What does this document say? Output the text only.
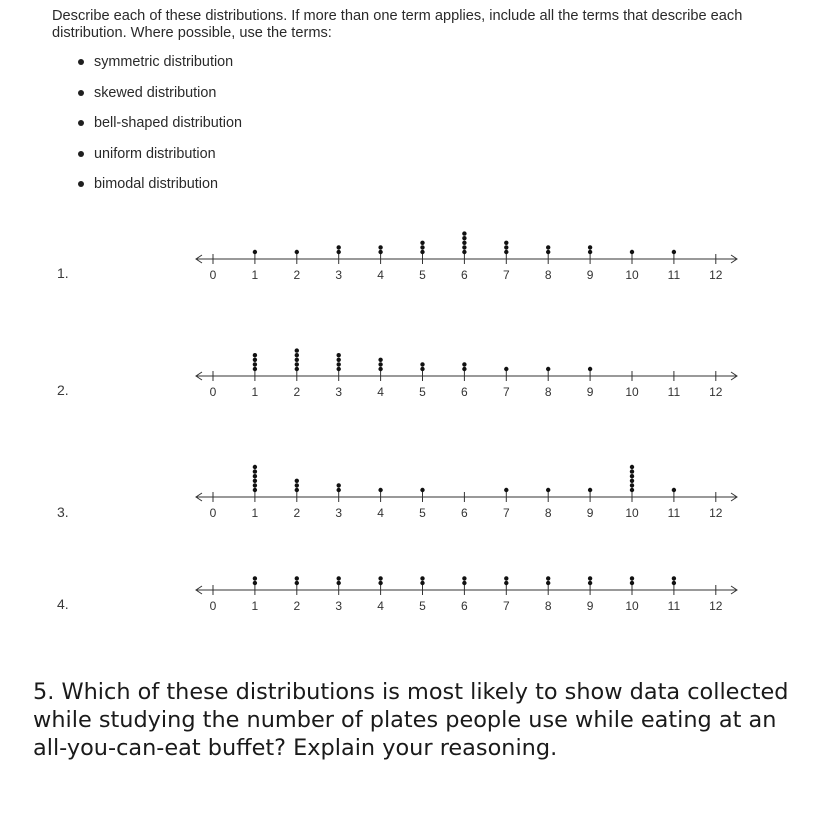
Describe each of these distributions. If more than one term applies, include all the terms that describe each distribution. Where possible, use the terms:
symmetric distribution
skewed distribution
bell-shaped distribution
uniform distribution
bimodal distribution
1.
2.
3.
4.
0	1	2	3	4	5	6	7	8	9	10 11 12
0	1	2	3	4	5	6	7	8	9	10 11 12
0	1	2	3	4	5	6	7	8	9	10 11 12
0	1	2	3	4	5	6	7	8	9	10 11 12
5. Which of these distributions is most likely to show data collected while studying the number of plates people use while eating at an all-you-can-eat buffet? Explain your reasoning.
